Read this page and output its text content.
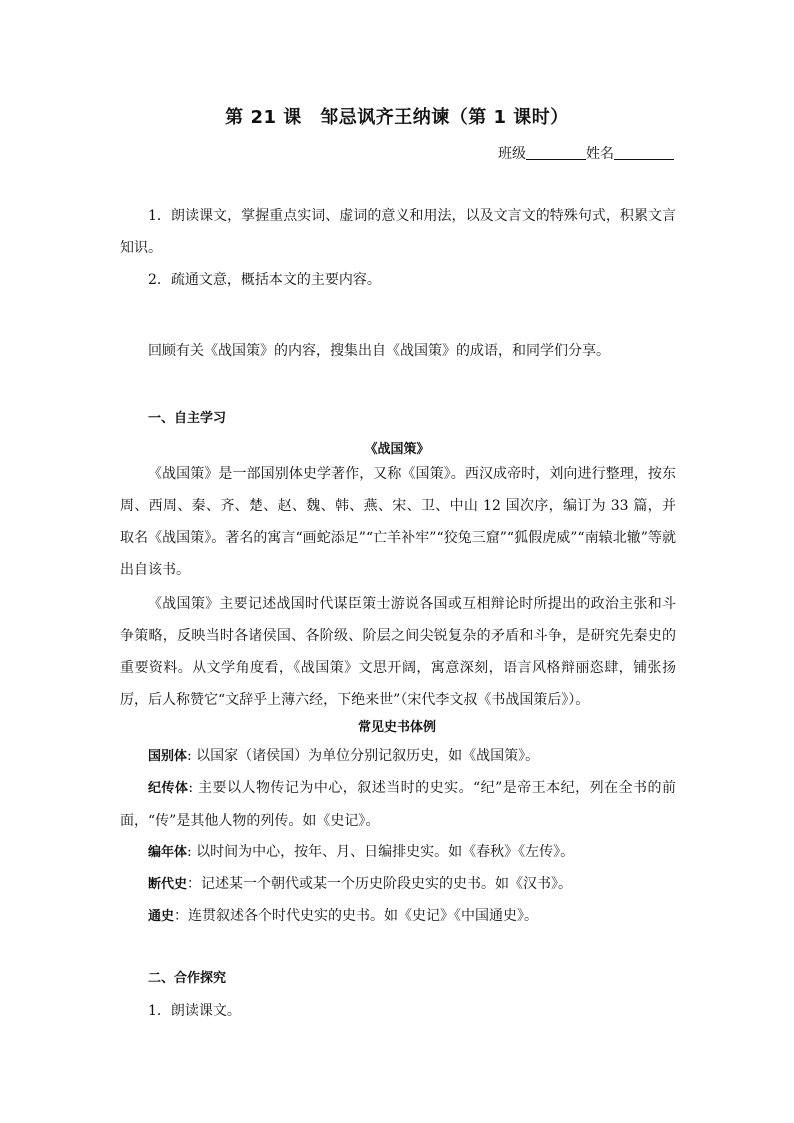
第 21 课　邹忌讽齐王纳谏（第 1 课时）
班级	姓名

1．朗读课文，掌握重点实词、虚词的意义和用法，以及文言文的特殊句式，积累文言知识。

2．疏通文意，概括本文的主要内容。

回顾有关《战国策》的内容，搜集出自《战国策》的成语，和同学们分享。

一、自主学习
《战国策》

《战国策》是一部国别体史学著作，又称《国策》。西汉成帝时，刘向进行整理，按东周、西周、秦、齐、楚、赵、魏、韩、燕、宋、卫、中山 12 国次序，编订为 33 篇，并取名《战国策》。著名的寓言“画蛇添足”“亡羊补牢”“狡兔三窟”“狐假虎威”“南辕北辙”等就出自该书。

《战国策》主要记述战国时代谋臣策士游说各国或互相辩论时所提出的政治主张和斗争策略，反映当时各诸侯国、各阶级、阶层之间尖锐复杂的矛盾和斗争，是研究先秦史的重要资料。从文学角度看，《战国策》文思开阔，寓意深刻，语言风格辩丽恣肆，铺张扬厉，后人称赞它“文辞乎上薄六经，下绝来世”（宋代李文叔《书战国策后》）。

常见史书体例

国别体: 以国家（诸侯国）为单位分别记叙历史，如《战国策》。

纪传体: 主要以人物传记为中心，叙述当时的史实。“纪”是帝王本纪，列在全书的前面，“传”是其他人物的列传。如《史记》。

编年体: 以时间为中心，按年、月、日编排史实。如《春秋》《左传》。

断代史：记述某一个朝代或某一个历史阶段史实的史书。如《汉书》。

通史：连贯叙述各个时代史实的史书。如《史记》《中国通史》。

二、合作探究
1．朗读课文。
